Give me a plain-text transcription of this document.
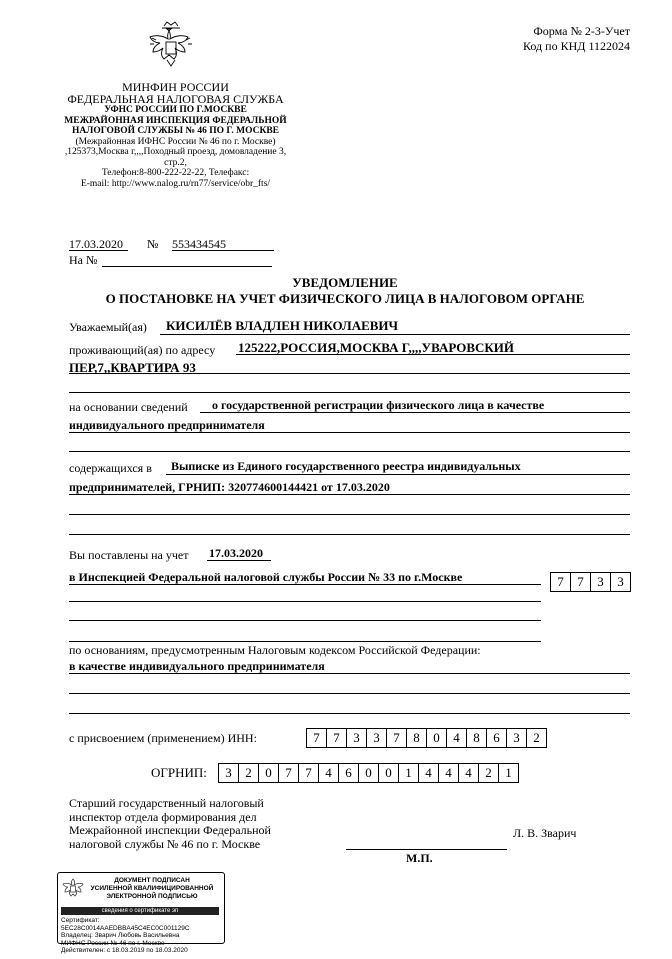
Форма № 2-3-Учет
Код по КНД 1122024
МИНФИН РОССИИ
ФЕДЕРАЛЬНАЯ НАЛОГОВАЯ СЛУЖБА
УФНС РОССИИ ПО Г.МОСКВЕ
МЕЖРАЙОННАЯ ИНСПЕКЦИЯ ФЕДЕРАЛЬНОЙ
НАЛОГОВОЙ СЛУЖБЫ № 46 ПО Г. МОСКВЕ
(Межрайонная ИФНС России № 46 по г. Москве)
,125373,Москва г,,,,Походный проезд, домовладение 3,
стр.2,
Телефон:8-800-222-22-22, Телефакс:
E-mail: http://www.nalog.ru/rn77/service/obr_fts/
17.03.2020 № 553434545
На №
УВЕДОМЛЕНИЕ
О ПОСТАНОВКЕ НА УЧЕТ ФИЗИЧЕСКОГО ЛИЦА В НАЛОГОВОМ ОРГАНЕ
Уважаемый(ая) КИСИЛЁВ ВЛАДЛЕН НИКОЛАЕВИЧ
проживающий(ая) по адресу 125222,РОССИЯ,МОСКВА Г,,,,УВАРОВСКИЙ
ПЕР,7,,КВАРТИРА 93
на основании сведений о государственной регистрации физического лица в качестве
индивидуального предпринимателя
содержащихся в Выписке из Единого государственного реестра индивидуальных
предпринимателей, ГРНИП: 320774600144421 от 17.03.2020
Вы поставлены на учет 17.03.2020
в Инспекцией Федеральной налоговой службы России № 33 по г.Москве	7	7	3	3
по основаниям, предусмотренным Налоговым кодексом Российской Федерации:
в качестве индивидуального предпринимателя
с присвоением (применением) ИНН:	7	7	3	3	7	8	0	4	8	6	3	2
ОГРНИП:	3	2	0	7	7	4	6	0	0	1	4	4	4	2	1
Старший государственный налоговый
инспектор отдела формирования дел
Межрайонной инспекции Федеральной
налоговой службы № 46 по г. Москве
М.П.
Л. В. Зварич
ДОКУМЕНТ ПОДПИСАН
УСИЛЕННОЙ КВАЛИФИЦИРОВАННОЙ
ЭЛЕКТРОННОЙ ПОДПИСЬЮ
сведения о сертификате эп
Сертификат: 5EC28C0014AAEDBBA45C4EC0C001129C
Владелец: Зварич Любовь Васильевна
МИФНС России № 46 по г. Москве
Действителен: с 18.03.2019 по 18.03.2020
